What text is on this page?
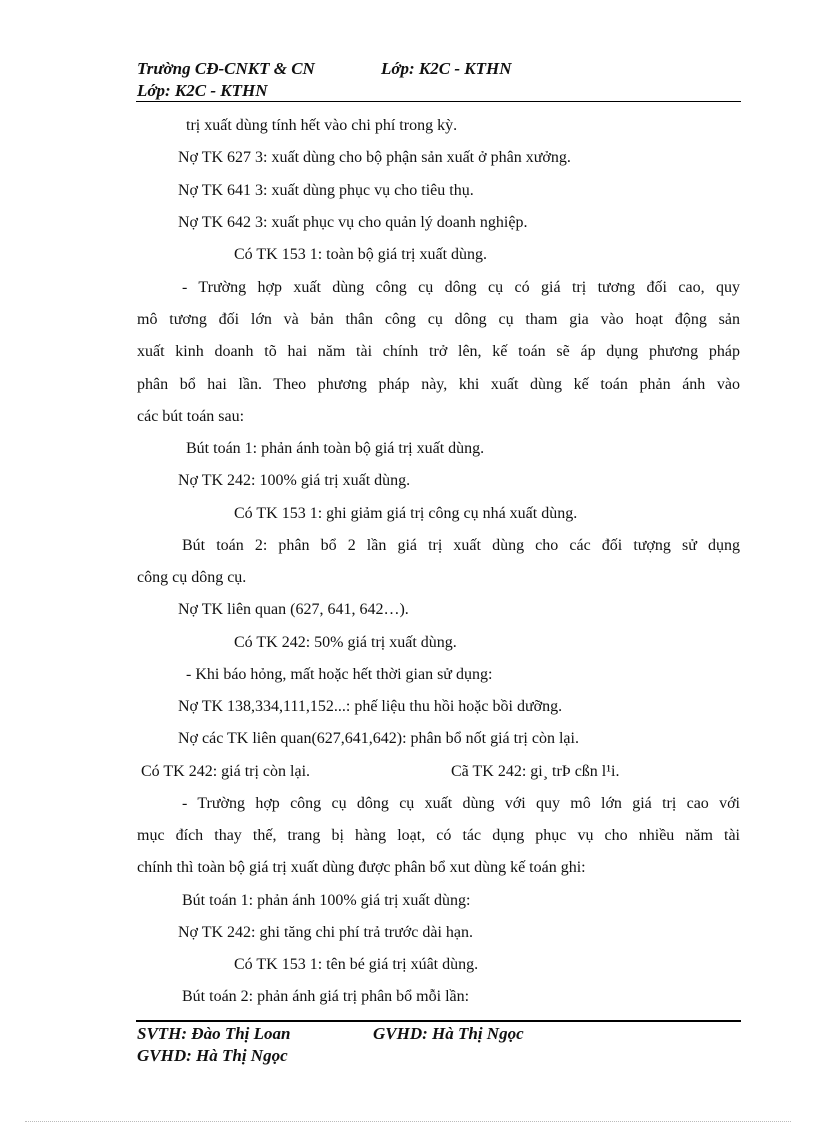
Trường CĐ-CNKT & CN	Lớp: K2C - KTHN
Lớp: K2C - KTHN
trị xuất dùng tính hết vào chi phí trong kỳ.
Nợ TK 627 3: xuất dùng cho bộ phận sản xuất ở phân xưởng.
Nợ TK 641 3: xuất dùng phục vụ cho tiêu thụ.
Nợ TK 642 3: xuất phục vụ cho quản lý doanh nghiệp.
Có TK 153 1: toàn bộ giá trị xuất dùng.
- Trường hợp xuất dùng công cụ dông cụ có giá trị tương đối cao, quy
mô tương đối lớn và bản thân công cụ dông cụ tham gia vào hoạt động sản
xuất kinh doanh tõ hai năm tài chính trở lên, kế toán sẽ áp dụng phương pháp
phân bổ hai lần. Theo phương pháp này, khi xuất dùng kế toán phản ánh vào
các bút toán sau:
Bút toán 1: phản ánh toàn bộ giá trị xuất dùng.
Nợ TK 242: 100% giá trị xuất dùng.
Có TK 153 1: ghi giảm giá trị công cụ nhá xuất dùng.
Bút toán 2: phân bổ 2 lần giá trị xuất dùng cho các đối tượng sử dụng
công cụ dông cụ.
Nợ TK liên quan (627, 641, 642…).
Có TK 242: 50% giá trị xuất dùng.
- Khi báo hỏng, mất hoặc hết thời gian sử dụng:
Nợ TK 138,334,111,152...: phế liệu thu hồi hoặc bồi dưỡng.
Nợ các TK liên quan(627,641,642): phân bổ nốt giá trị còn lại.
Có TK 242: giá trị còn lại.	Cã TK 242: gi¸ trÞ cßn l¹i.
- Trường hợp công cụ dông cụ xuất dùng với quy mô lớn giá trị cao với
mục đích thay thế, trang bị hàng loạt, có tác dụng phục vụ cho nhiều năm tài
chính thì toàn bộ giá trị xuất dùng được phân bổ xut dùng kế toán ghi:
Bút toán 1: phản ánh 100% giá trị xuất dùng:
Nợ TK 242: ghi tăng chi phí trả trước dài hạn.
Có TK 153 1: tên bé giá trị xúât dùng.
Bút toán 2: phản ánh giá trị phân bổ mỗi lần:
SVTH: Đào Thị Loan	GVHD: Hà Thị Ngọc
GVHD: Hà Thị Ngọc
